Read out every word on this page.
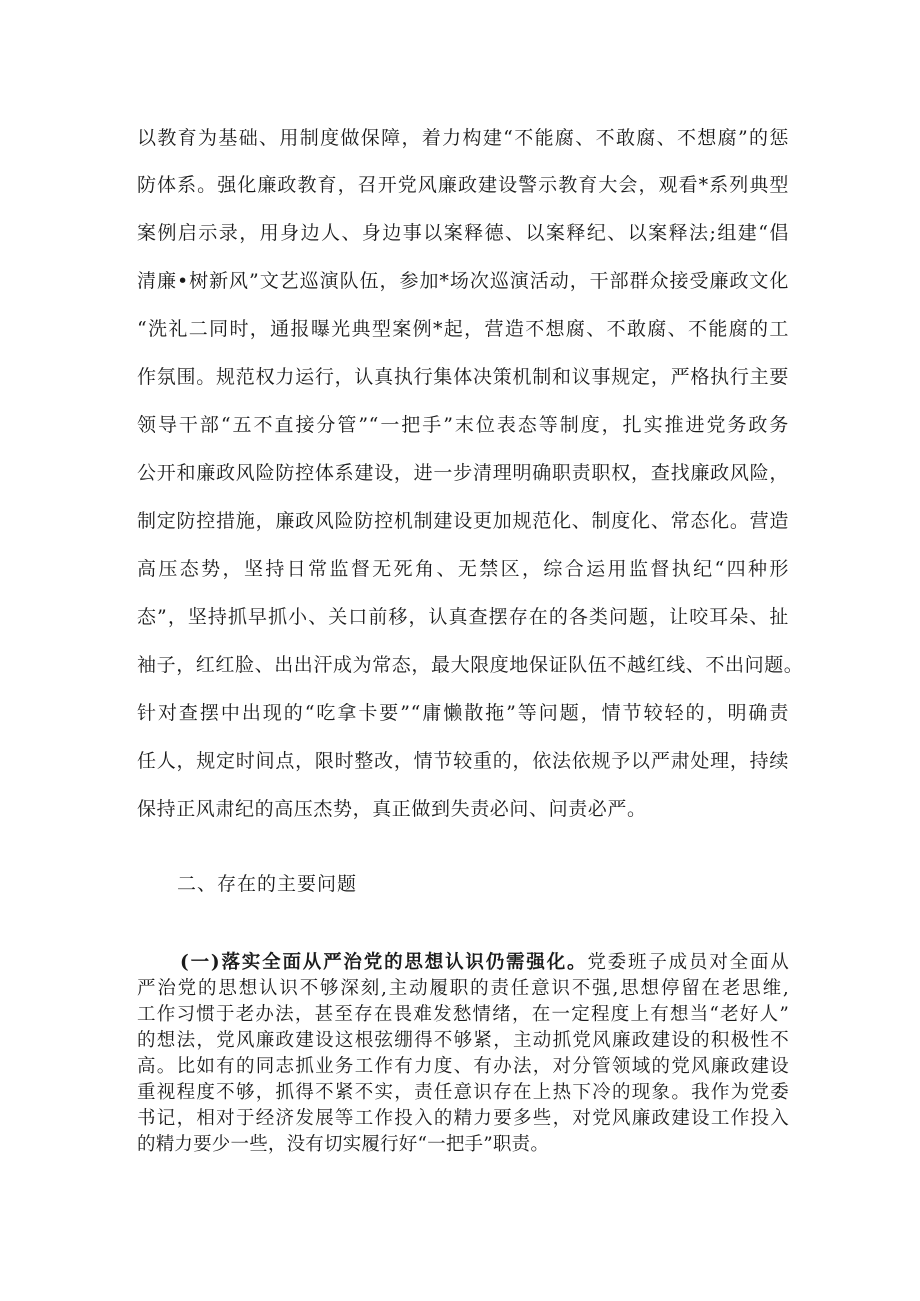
以教育为基础、用制度做保障，着力构建“不能腐、不敢腐、不想腐”的惩
防体系。强化廉政教育，召开党风廉政建设警示教育大会，观看*系列典型
案例启示录，用身边人、身边事以案释德、以案释纪、以案释法;组建“倡
清廉•树新风”文艺巡演队伍，参加*场次巡演活动，干部群众接受廉政文化
“洗礼二同时，通报曝光典型案例*起，营造不想腐、不敢腐、不能腐的工
作氛围。规范权力运行，认真执行集体决策机制和议事规定，严格执行主要
领导干部“五不直接分管”“一把手”末位表态等制度，扎实推进党务政务
公开和廉政风险防控体系建设，进一步清理明确职责职权，查找廉政风险，
制定防控措施，廉政风险防控机制建设更加规范化、制度化、常态化。营造
高压态势，坚持日常监督无死角、无禁区，综合运用监督执纪“四种形
态”，坚持抓早抓小、关口前移，认真查摆存在的各类问题，让咬耳朵、扯
袖子，红红脸、出出汗成为常态，最大限度地保证队伍不越红线、不出问题。
针对查摆中出现的“吃拿卡要”“庸懒散拖”等问题，情节较轻的，明确责
任人，规定时间点，限时整改，情节较重的，依法依规予以严肃处理，持续
保持正风肃纪的高压杰势，真正做到失责必问、问责必严。
二、存在的主要问题
(一)落实全面从严治党的思想认识仍需强化。党委班子成员对全面从
严治党的思想认识不够深刻,主动履职的责任意识不强,思想停留在老思维,
工作习惯于老办法，甚至存在畏难发愁情绪，在一定程度上有想当“老好人”
的想法，党风廉政建设这根弦绷得不够紧，主动抓党风廉政建设的积极性不
高。比如有的同志抓业务工作有力度、有办法，对分管领域的党风廉政建设
重视程度不够，抓得不紧不实，责任意识存在上热下冷的现象。我作为党委
书记，相对于经济发展等工作投入的精力要多些，对党风廉政建设工作投入
的精力要少一些，没有切实履行好“一把手”职责。
